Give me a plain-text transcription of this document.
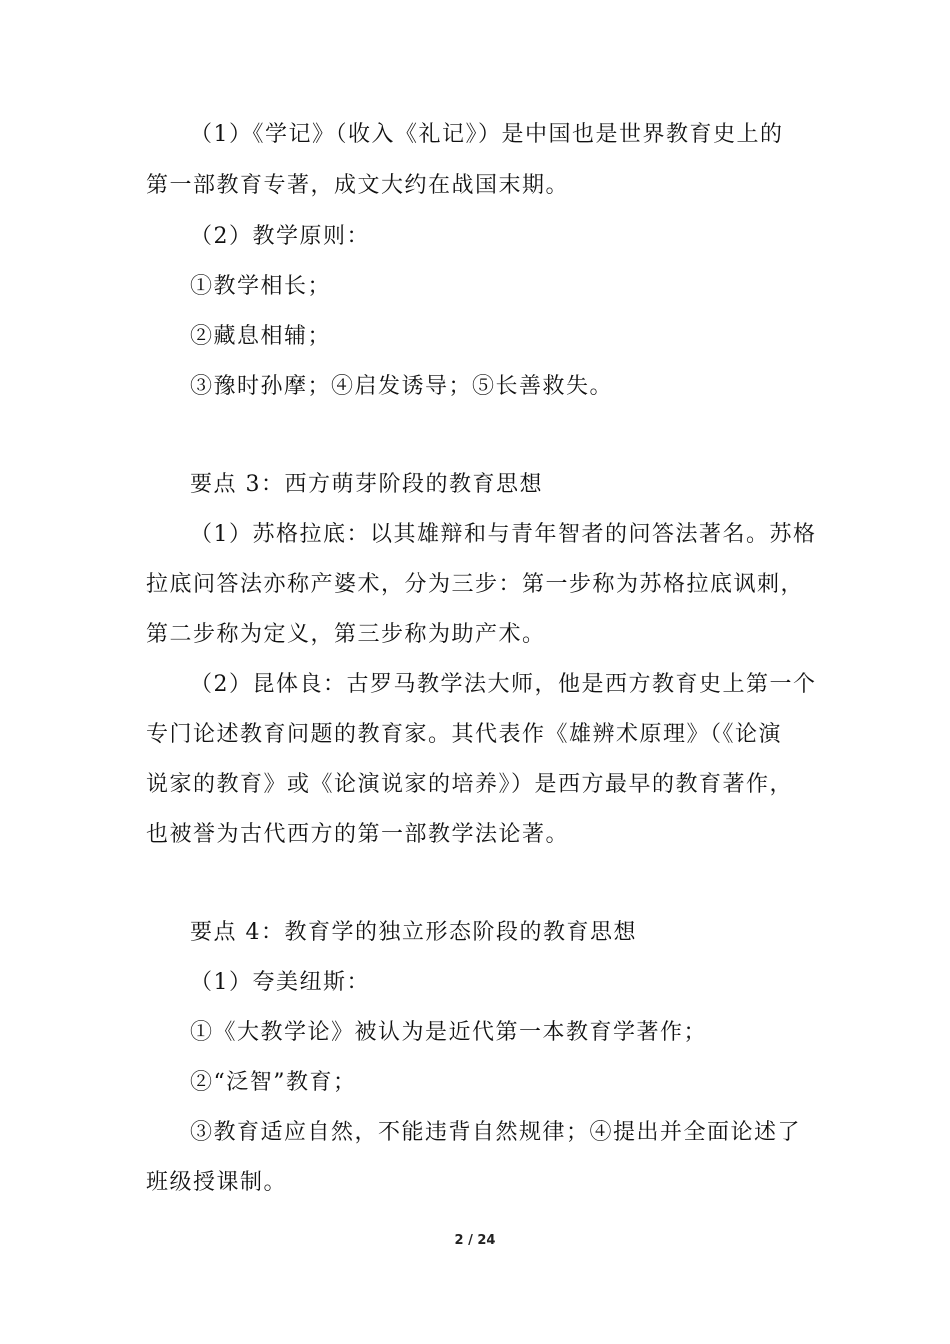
（1）《学记》（收入《礼记》）是中国也是世界教育史上的
第一部教育专著，成文大约在战国末期。
（2）教学原则：
①教学相长；
②藏息相辅；
③豫时孙摩；④启发诱导；⑤长善救失。
要点 3：西方萌芽阶段的教育思想
（1）苏格拉底：以其雄辩和与青年智者的问答法著名。苏格
拉底问答法亦称产婆术，分为三步：第一步称为苏格拉底讽刺，
第二步称为定义，第三步称为助产术。
（2）昆体良：古罗马教学法大师，他是西方教育史上第一个
专门论述教育问题的教育家。其代表作《雄辨术原理》（《论演
说家的教育》或《论演说家的培养》）是西方最早的教育著作，
也被誉为古代西方的第一部教学法论著。
要点 4：教育学的独立形态阶段的教育思想
（1）夸美纽斯：
①《大教学论》被认为是近代第一本教育学著作；
②“泛智”教育；
③教育适应自然，不能违背自然规律；④提出并全面论述了
班级授课制。
2 / 24
